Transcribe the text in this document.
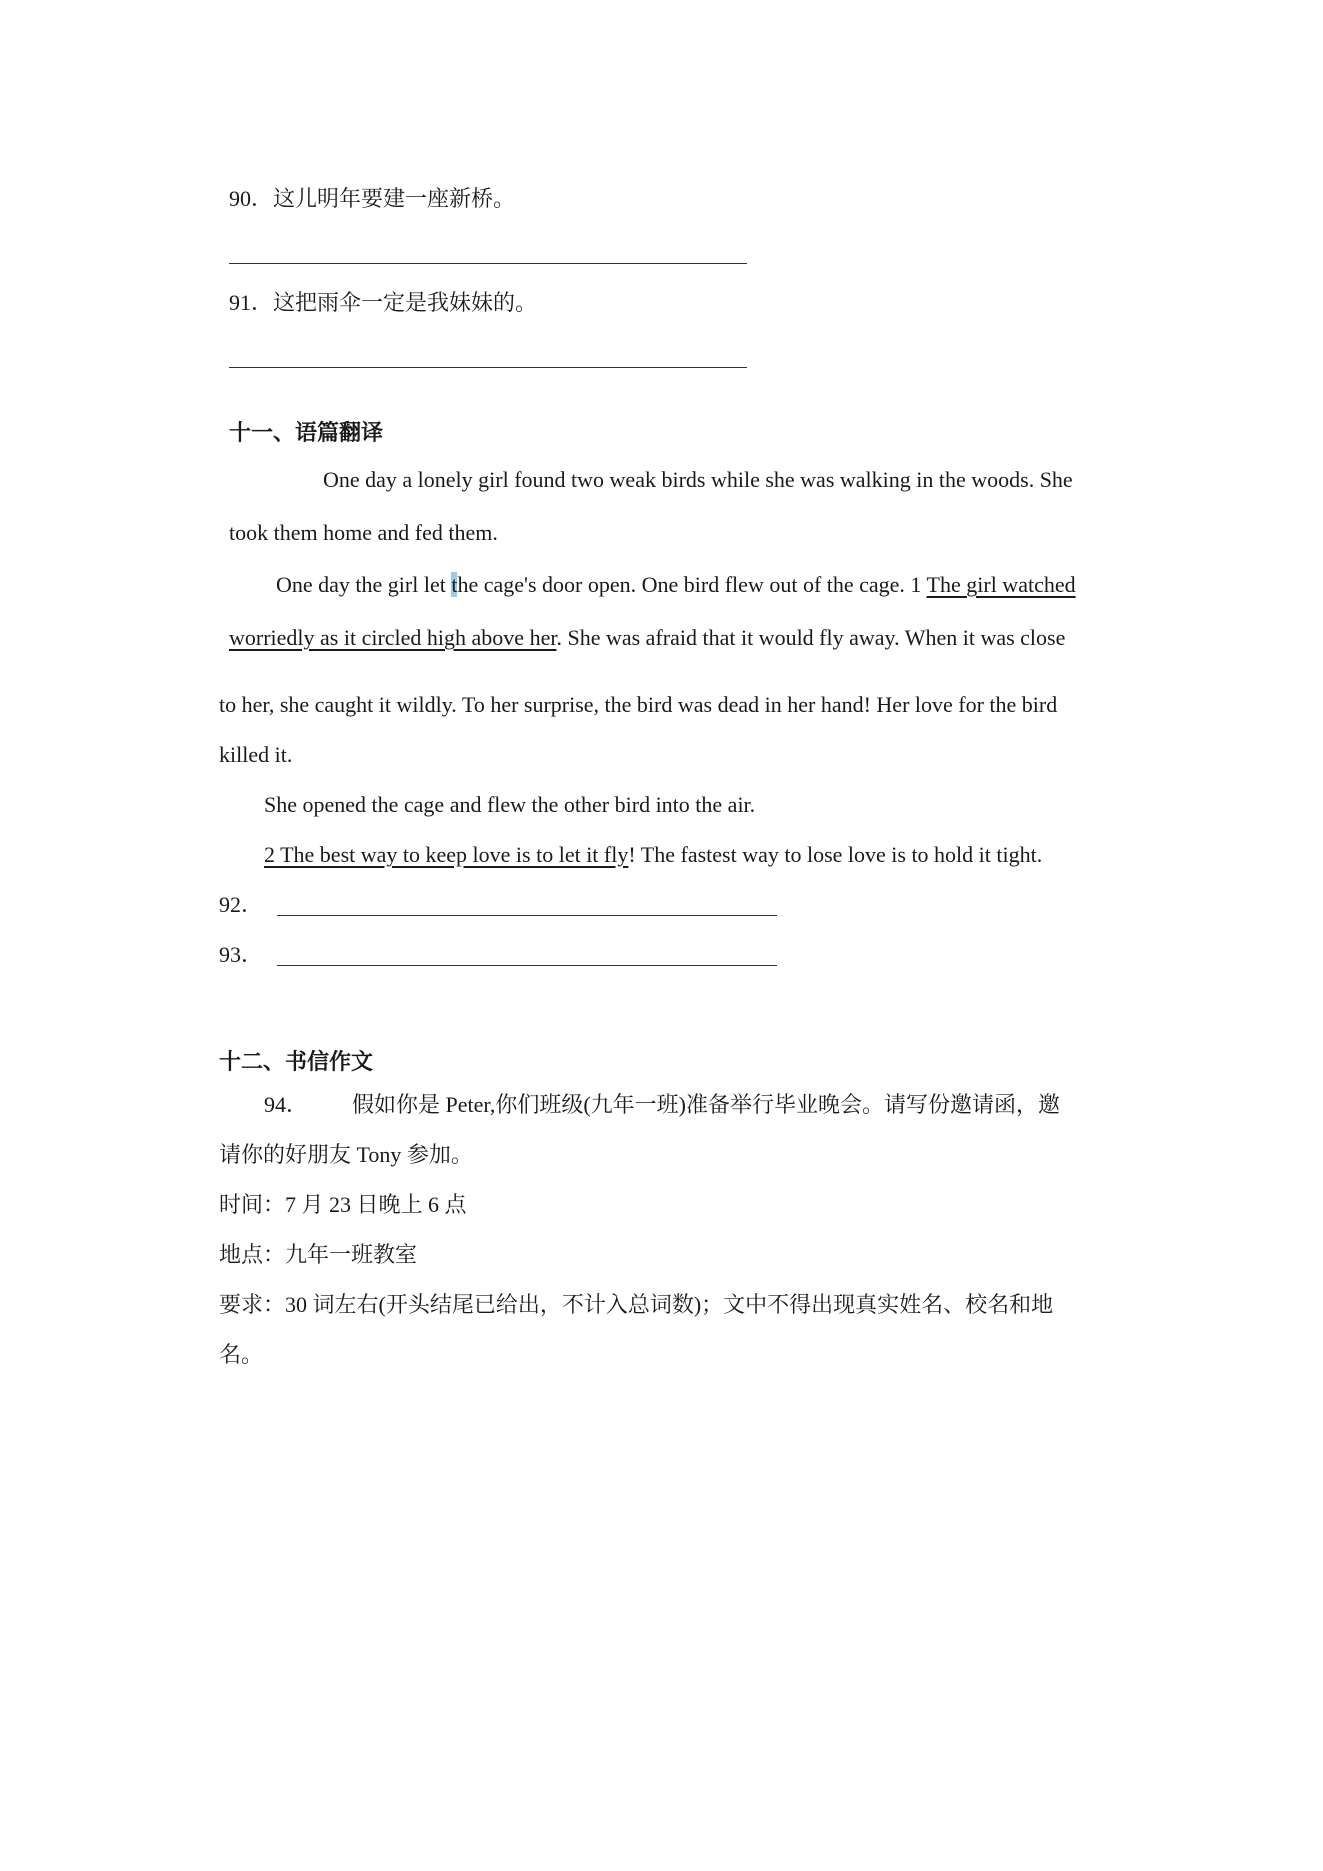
90．这儿明年要建一座新桥。
91．这把雨伞一定是我妹妹的。
十一、语篇翻译
One day a lonely girl found two weak birds while she was walking in the woods. She
took them home and fed them.
One day the girl let the cage's door open. One bird flew out of the cage. 1 The girl watched
worriedly as it circled high above her. She was afraid that it would fly away. When it was close
to her, she caught it wildly. To her surprise, the bird was dead in her hand! Her love for the bird
killed it.
She opened the cage and flew the other bird into the air.
2 The best way to keep love is to let it fly! The fastest way to lose love is to hold it tight.
92．
93．
十二、书信作文
94． 假如你是 Peter,你们班级(九年一班)准备举行毕业晚会。请写份邀请函，邀
请你的好朋友 Tony 参加。
时间：7 月 23 日晚上 6 点
地点：九年一班教室
要求：30 词左右(开头结尾已给出，不计入总词数)；文中不得出现真实姓名、校名和地
名。
